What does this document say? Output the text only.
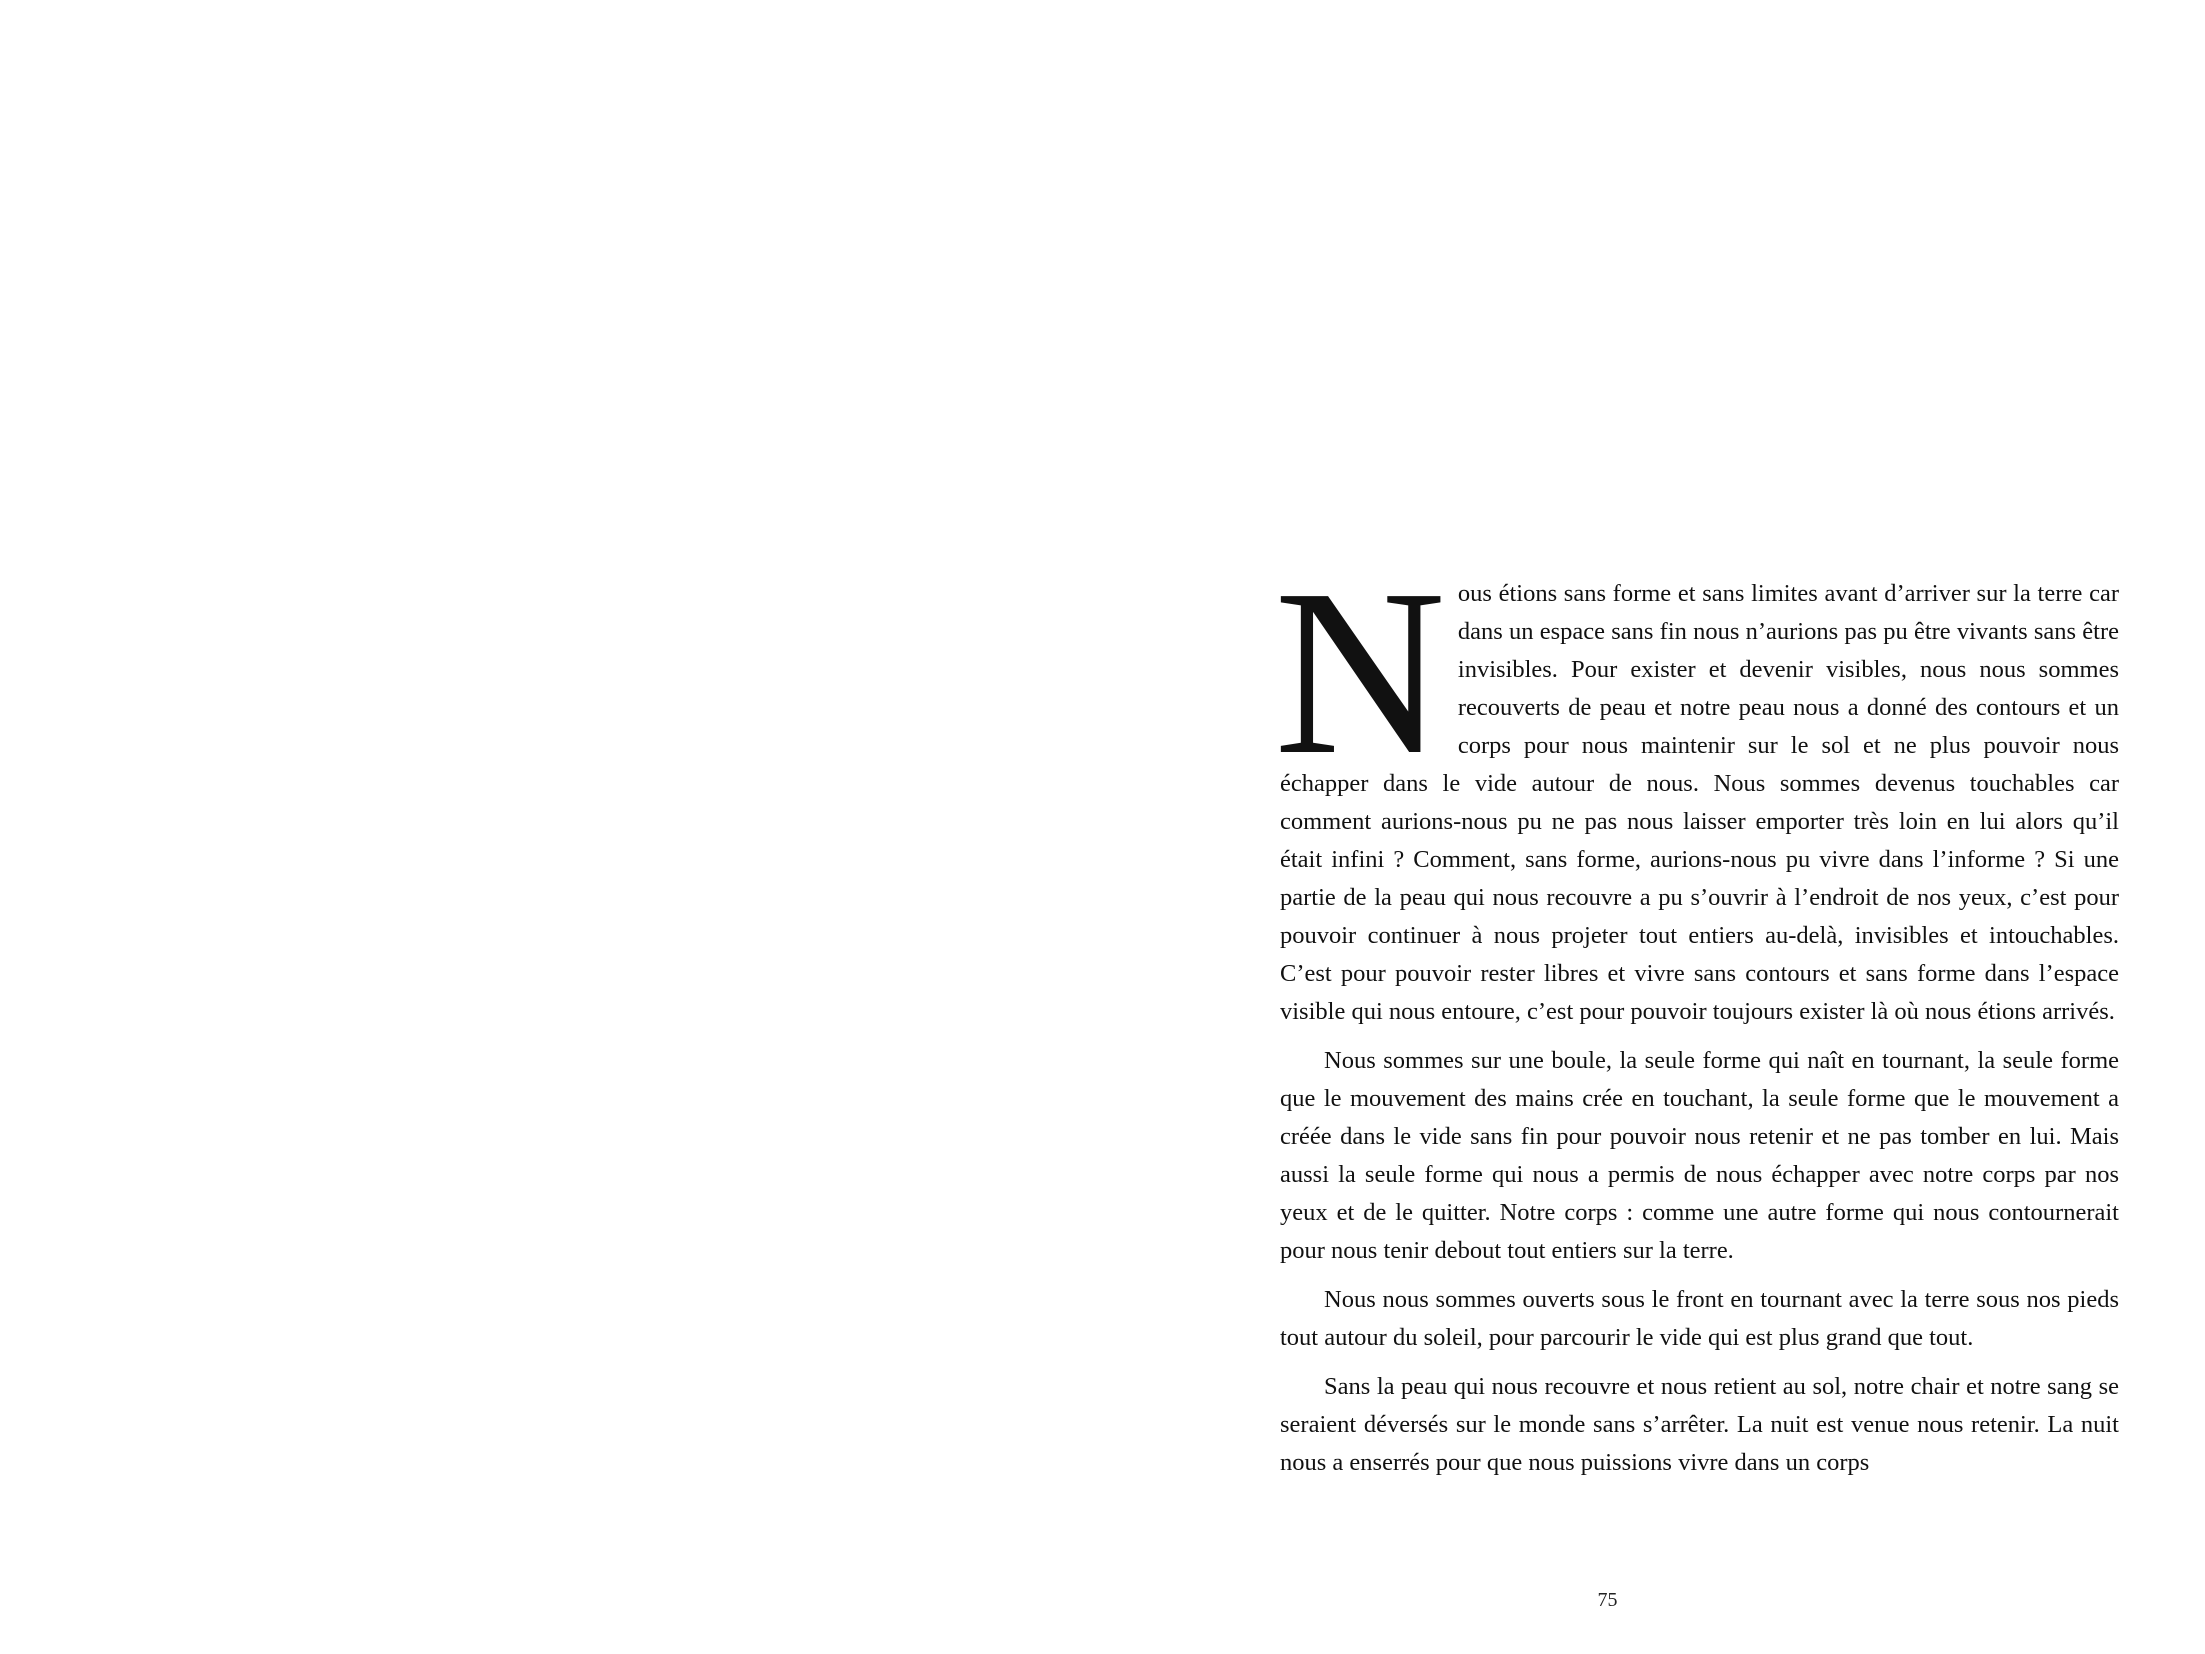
Nous étions sans forme et sans limites avant d’arriver sur la terre car dans un espace sans fin nous n’aurions pas pu être vivants sans être invisibles. Pour exister et devenir visibles, nous nous sommes recouverts de peau et notre peau nous a donné des contours et un corps pour nous maintenir sur le sol et ne plus pouvoir nous échapper dans le vide autour de nous. Nous sommes devenus touchables car comment aurions-nous pu ne pas nous laisser emporter très loin en lui alors qu’il était infini ? Comment, sans forme, aurions-nous pu vivre dans l’informe ? Si une partie de la peau qui nous recouvre a pu s’ouvrir à l’endroit de nos yeux, c’est pour pouvoir continuer à nous projeter tout entiers au-delà, invisibles et intouchables. C’est pour pouvoir rester libres et vivre sans contours et sans forme dans l’espace visible qui nous entoure, c’est pour pouvoir toujours exister là où nous étions arrivés.

Nous sommes sur une boule, la seule forme qui naît en tournant, la seule forme que le mouvement des mains crée en touchant, la seule forme que le mouvement a créée dans le vide sans fin pour pouvoir nous retenir et ne pas tomber en lui. Mais aussi la seule forme qui nous a permis de nous échapper avec notre corps par nos yeux et de le quitter. Notre corps : comme une autre forme qui nous contournerait pour nous tenir debout tout entiers sur la terre.

Nous nous sommes ouverts sous le front en tournant avec la terre sous nos pieds tout autour du soleil, pour parcourir le vide qui est plus grand que tout.

Sans la peau qui nous recouvre et nous retient au sol, notre chair et notre sang se seraient déversés sur le monde sans s’arrêter. La nuit est venue nous retenir. La nuit nous a enserrés pour que nous puissions vivre dans un corps

75
